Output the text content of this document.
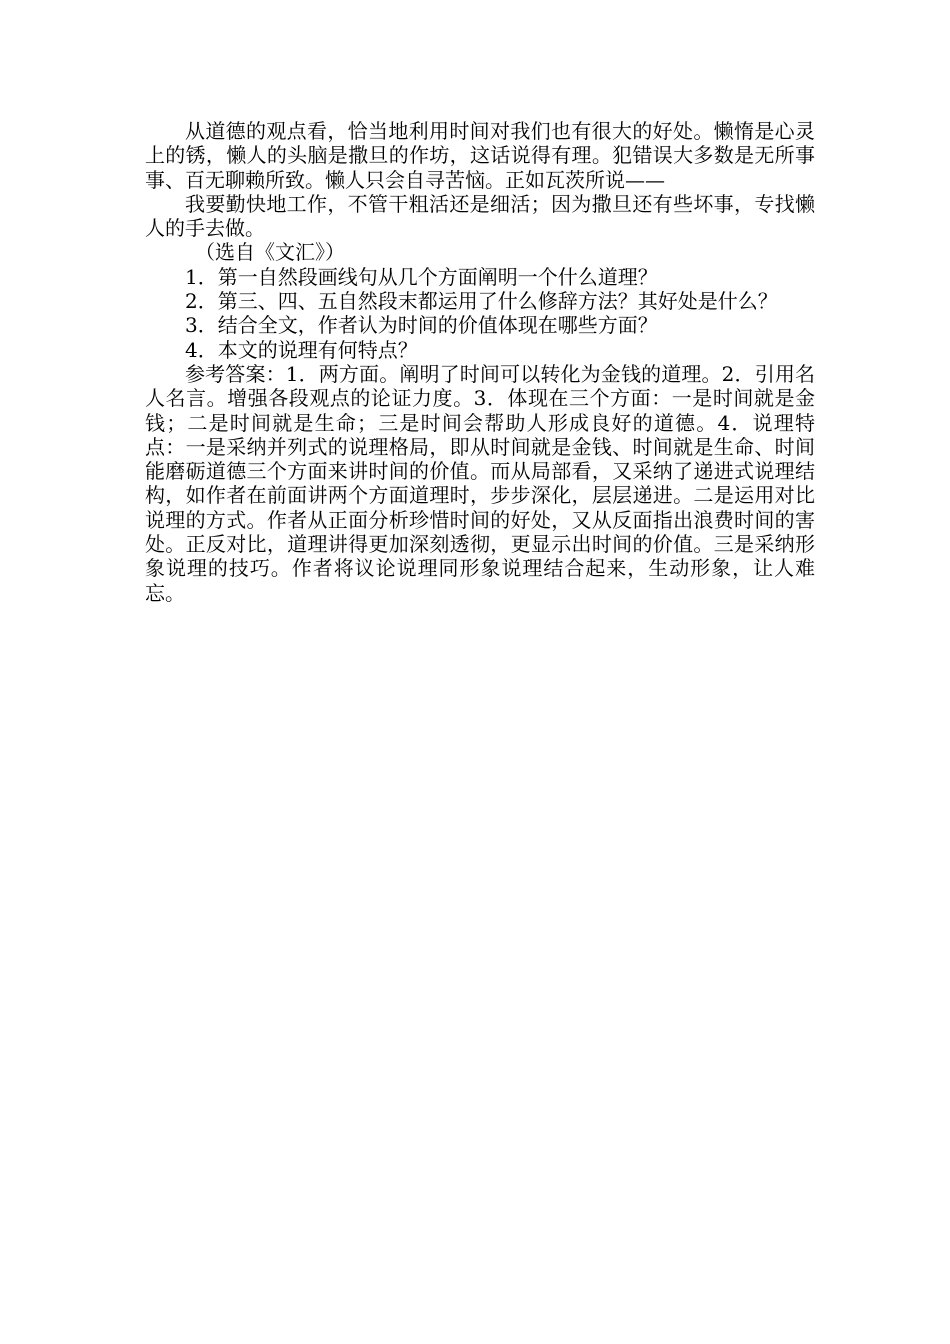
从道德的观点看，恰当地利用时间对我们也有很大的好处。懒惰是心灵上的锈，懒人的头脑是撒旦的作坊，这话说得有理。犯错误大多数是无所事事、百无聊赖所致。懒人只会自寻苦恼。正如瓦茨所说——

我要勤快地工作，不管干粗活还是细活；因为撒旦还有些坏事，专找懒人的手去做。

（选自《文汇》）

1．第一自然段画线句从几个方面阐明一个什么道理？

2．第三、四、五自然段末都运用了什么修辞方法？其好处是什么？

3．结合全文，作者认为时间的价值体现在哪些方面？

4．本文的说理有何特点？

参考答案：1．两方面。阐明了时间可以转化为金钱的道理。2．引用名人名言。增强各段观点的论证力度。3．体现在三个方面：一是时间就是金钱；二是时间就是生命；三是时间会帮助人形成良好的道德。4．说理特点：一是采纳并列式的说理格局，即从时间就是金钱、时间就是生命、时间能磨砺道德三个方面来讲时间的价值。而从局部看，又采纳了递进式说理结构，如作者在前面讲两个方面道理时，步步深化，层层递进。二是运用对比说理的方式。作者从正面分析珍惜时间的好处，又从反面指出浪费时间的害处。正反对比，道理讲得更加深刻透彻，更显示出时间的价值。三是采纳形象说理的技巧。作者将议论说理同形象说理结合起来，生动形象，让人难忘。
